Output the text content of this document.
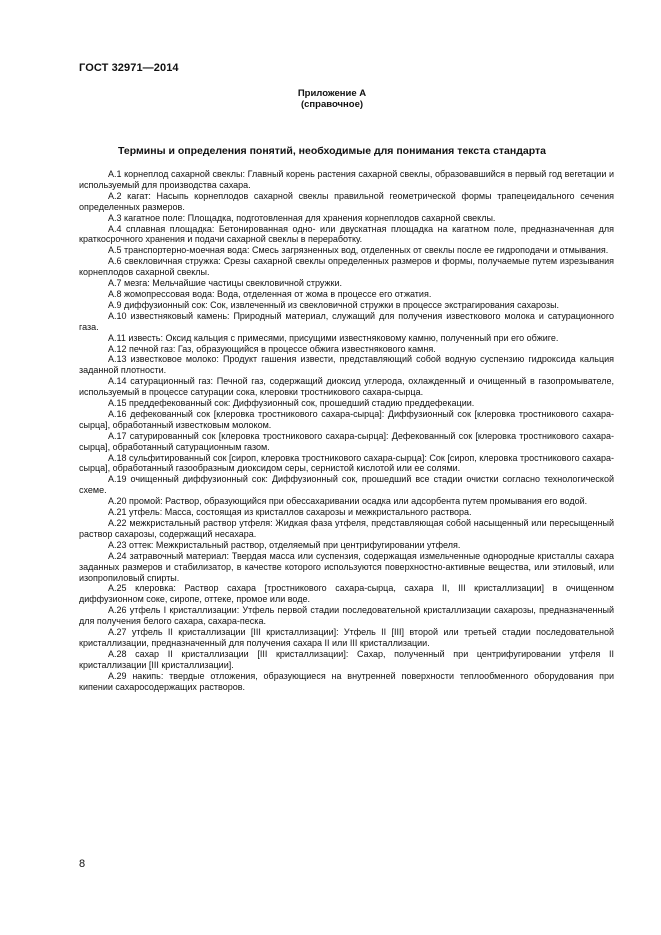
ГОСТ 32971—2014
Приложение А
(справочное)
Термины и определения понятий, необходимые для понимания текста стандарта
А.1 корнеплод сахарной свеклы: Главный корень растения сахарной свеклы, образовавшийся в первый год вегетации и используемый для производства сахара.
А.2 кагат: Насыпь корнеплодов сахарной свеклы правильной геометрической формы трапецеидального сечения определенных размеров.
А.3 кагатное поле: Площадка, подготовленная для хранения корнеплодов сахарной свеклы.
А.4 сплавная площадка: Бетонированная одно- или двускатная площадка на кагатном поле, предназначенная для краткосрочного хранения и подачи сахарной свеклы в переработку.
А.5 транспортерно-моечная вода: Смесь загрязненных вод, отделенных от свеклы после ее гидроподачи и отмывания.
А.6 свекловичная стружка: Срезы сахарной свеклы определенных размеров и формы, получаемые путем изрезывания корнеплодов сахарной свеклы.
А.7 мезга: Мельчайшие частицы свекловичной стружки.
А.8 жомопрессовая вода: Вода, отделенная от жома в процессе его отжатия.
А.9 диффузионный сок: Сок, извлеченный из свекловичной стружки в процессе экстрагирования сахарозы.
А.10 известняковый камень: Природный материал, служащий для получения известкового молока и сатурационного газа.
А.11 известь: Оксид кальция с примесями, присущими известняковому камню, полученный при его обжиге.
А.12 печной газ: Газ, образующийся в процессе обжига известнякового камня.
А.13 известковое молоко: Продукт гашения извести, представляющий собой водную суспензию гидроксида кальция заданной плотности.
А.14 сатурационный газ: Печной газ, содержащий диоксид углерода, охлажденный и очищенный в газопромывателе, используемый в процессе сатурации сока, клеровки тростникового сахара-сырца.
А.15 преддефекованный сок: Диффузионный сок, прошедший стадию преддефекации.
А.16 дефекованный сок [клеровка тростникового сахара-сырца]: Диффузионный сок [клеровка тростникового сахара-сырца], обработанный известковым молоком.
А.17 сатурированный сок [клеровка тростникового сахара-сырца]: Дефекованный сок [клеровка тростникового сахара-сырца], обработанный сатурационным газом.
А.18 сульфитированный сок [сироп, клеровка тростникового сахара-сырца]: Сок [сироп, клеровка тростникового сахара-сырца], обработанный газообразным диоксидом серы, сернистой кислотой или ее солями.
А.19 очищенный диффузионный сок: Диффузионный сок, прошедший все стадии очистки согласно технологической схеме.
А.20 промой: Раствор, образующийся при обессахаривании осадка или адсорбента путем промывания его водой.
А.21 утфель: Масса, состоящая из кристаллов сахарозы и межкристального раствора.
А.22 межкристальный раствор утфеля: Жидкая фаза утфеля, представляющая собой насыщенный или пересыщенный раствор сахарозы, содержащий несахара.
А.23 оттек: Межкристальный раствор, отделяемый при центрифугировании утфеля.
А.24 затравочный материал: Твердая масса или суспензия, содержащая измельченные однородные кристаллы сахара заданных размеров и стабилизатор, в качестве которого используются поверхностно-активные вещества, или этиловый, или изопропиловый спирты.
А.25 клеровка: Раствор сахара [тростникового сахара-сырца, сахара II, III кристаллизации] в очищенном диффузионном соке, сиропе, оттеке, промое или воде.
А.26 утфель I кристаллизации: Утфель первой стадии последовательной кристаллизации сахарозы, предназначенный для получения белого сахара, сахара-песка.
А.27 утфель II кристаллизации [III кристаллизации]: Утфель II [III] второй или третьей стадии последовательной кристаллизации, предназначенный для получения сахара II или III кристаллизации.
А.28 сахар II кристаллизации [III кристаллизации]: Сахар, полученный при центрифугировании утфеля II кристаллизации [III кристаллизации].
А.29 накипь: твердые отложения, образующиеся на внутренней поверхности теплообменного оборудования при кипении сахаросодержащих растворов.
8
